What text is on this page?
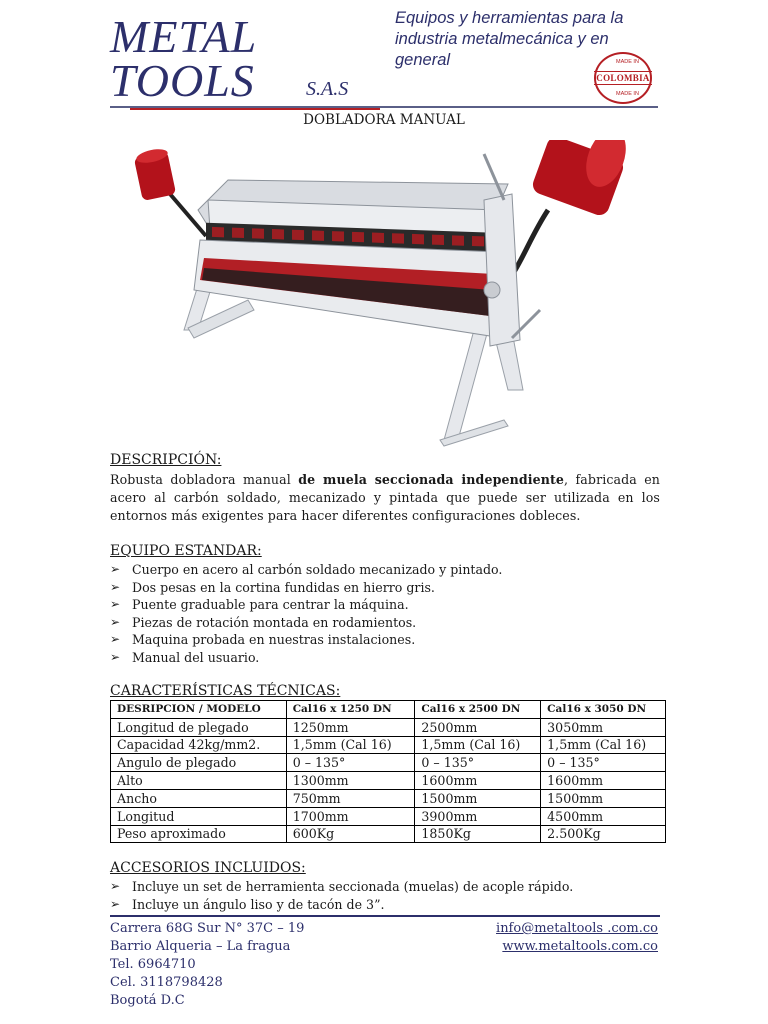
METAL
TOOLS	S.A.S
Equipos y herramientas para la industria metalmecánica y en general	MADE IN
COLOMBIA
MADE IN
DOBLADORA MANUAL
DESCRIPCIÓN:

Robusta dobladora manual de muela seccionada independiente, fabricada en acero al carbón soldado, mecanizado y pintada que puede ser utilizada en los entornos más exigentes para hacer diferentes configuraciones dobleces.

EQUIPO ESTANDAR:
➢ Cuerpo en acero al carbón soldado mecanizado y pintado.
➢ Dos pesas en la cortina fundidas en hierro gris.
➢ Puente graduable para centrar la máquina.
➢ Piezas de rotación montada en rodamientos.
➢ Maquina probada en nuestras instalaciones.
➢ Manual del usuario.
CARACTERÍSTICAS TÉCNICAS:
DESRIPCION / MODELO	Cal16 x 1250 DN	Cal16 x 2500 DN	Cal16 x 3050 DN
Longitud de plegado	1250mm	2500mm	3050mm
Capacidad 42kg/mm2.	1,5mm (Cal 16)	1,5mm (Cal 16)	1,5mm (Cal 16)
Angulo de plegado	0 – 135°	0 – 135°	0 – 135°
Alto	1300mm	1600mm	1600mm
Ancho	750mm	1500mm	1500mm
Longitud	1700mm	3900mm	4500mm
Peso aproximado	600Kg	1850Kg	2.500Kg
ACCESORIOS INCLUIDOS:
➢ Incluye un set de herramienta seccionada (muelas) de acople rápido.
➢ Incluye un ángulo liso y de tacón de 3”.
Carrera 68G Sur N° 37C – 19
Barrio Alqueria – La fragua
Tel. 6964710
Cel. 3118798428
Bogotá D.C
info@metaltools .com.co
www.metaltools.com.co
